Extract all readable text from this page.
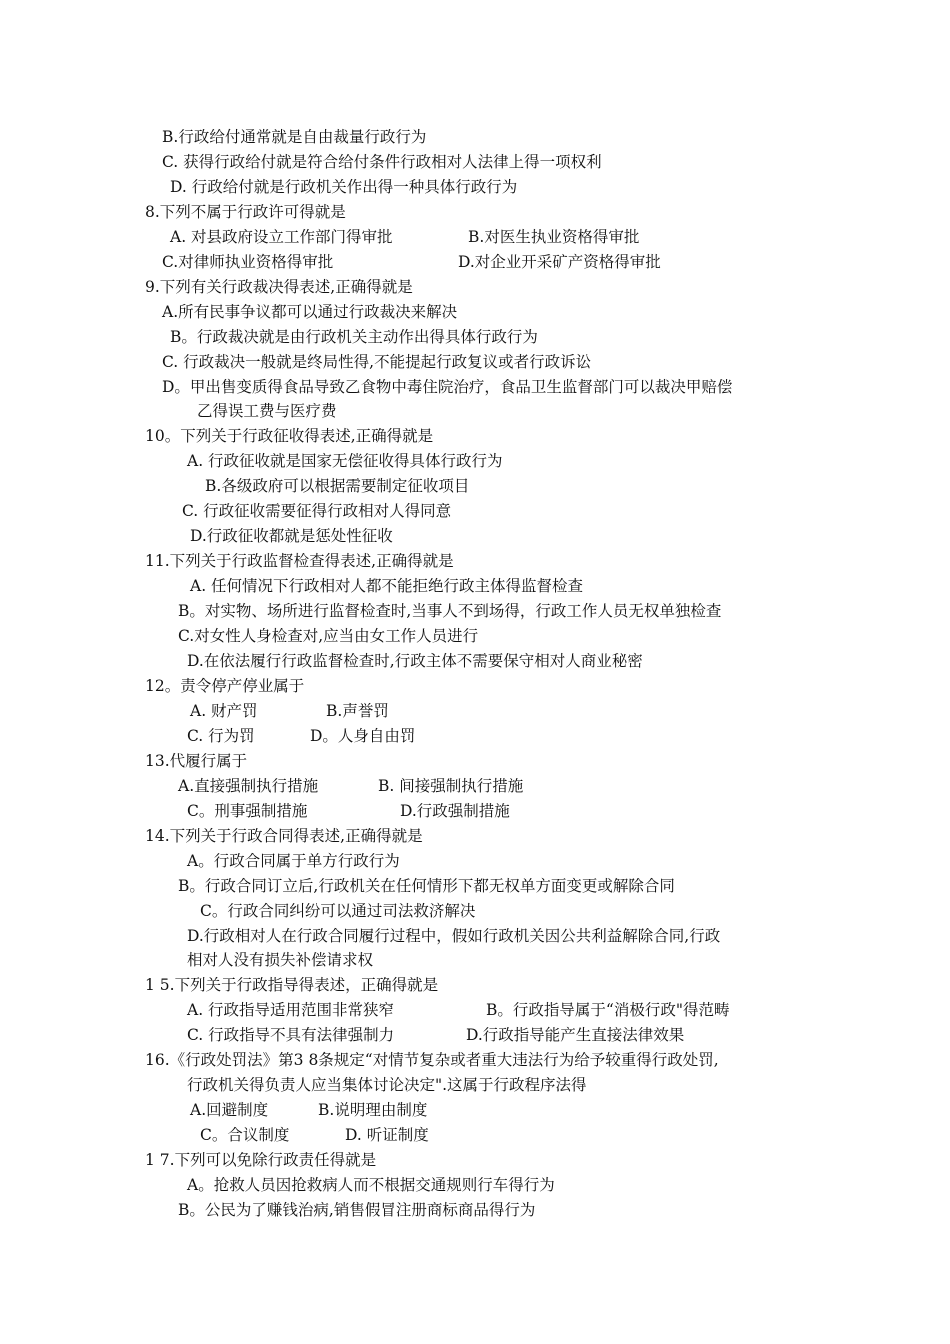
B.行政给付通常就是自由裁量行政行为
C. 获得行政给付就是符合给付条件行政相对人法律上得一项权利
D. 行政给付就是行政机关作出得一种具体行政行为
8.下列不属于行政许可得就是
A. 对县政府设立工作部门得审批	B.对医生执业资格得审批
C.对律师执业资格得审批	D.对企业开采矿产资格得审批
9.下列有关行政裁决得表述,正确得就是
A.所有民事争议都可以通过行政裁决来解决
B。行政裁决就是由行政机关主动作出得具体行政行为
C. 行政裁决一般就是终局性得,不能提起行政复议或者行政诉讼
D。甲出售变质得食品导致乙食物中毒住院治疗，食品卫生监督部门可以裁决甲赔偿
乙得误工费与医疗费
10。下列关于行政征收得表述,正确得就是
A. 行政征收就是国家无偿征收得具体行政行为
B.各级政府可以根据需要制定征收项目
C. 行政征收需要征得行政相对人得同意
D.行政征收都就是惩处性征收
11.下列关于行政监督检查得表述,正确得就是
A. 任何情况下行政相对人都不能拒绝行政主体得监督检查
B。对实物、场所进行监督检查时,当事人不到场得，行政工作人员无权单独检查
C.对女性人身检查对,应当由女工作人员进行
D.在依法履行行政监督检查时,行政主体不需要保守相对人商业秘密
12。责令停产停业属于
A. 财产罚	B.声誉罚
C. 行为罚	D。人身自由罚
13.代履行属于
A.直接强制执行措施	B. 间接强制执行措施
C。刑事强制措施	D.行政强制措施
14.下列关于行政合同得表述,正确得就是
A。行政合同属于单方行政行为
B。行政合同订立后,行政机关在任何情形下都无权单方面变更或解除合同
C。行政合同纠纷可以通过司法救济解决
D.行政相对人在行政合同履行过程中，假如行政机关因公共利益解除合同,行政
相对人没有损失补偿请求权
1 5.下列关于行政指导得表述，正确得就是
A. 行政指导适用范围非常狭窄	B。行政指导属于“消极行政"得范畴
C. 行政指导不具有法律强制力	D.行政指导能产生直接法律效果
16.《行政处罚法》第3 8条规定“对情节复杂或者重大违法行为给予较重得行政处罚,
行政机关得负责人应当集体讨论决定".这属于行政程序法得
A.回避制度	B.说明理由制度
C。合议制度	D. 听证制度
1 7.下列可以免除行政责任得就是
A。抢救人员因抢救病人而不根据交通规则行车得行为
B。公民为了赚钱治病,销售假冒注册商标商品得行为
